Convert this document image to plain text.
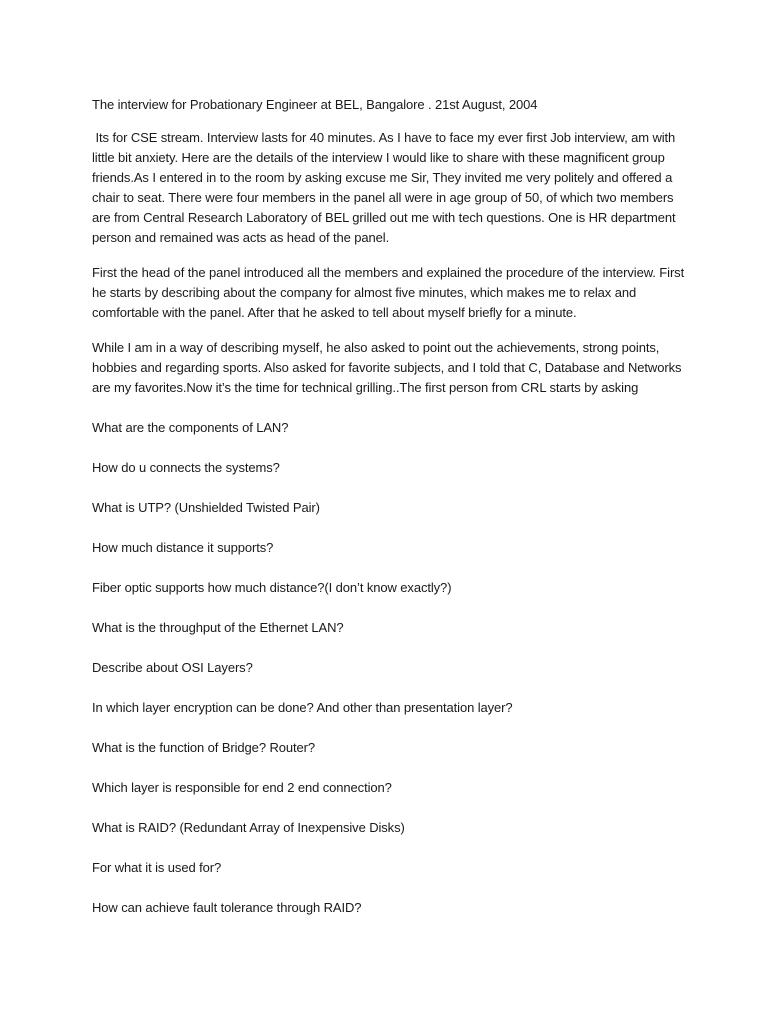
The interview for Probationary Engineer at BEL, Bangalore . 21st August, 2004

Its for CSE stream. Interview lasts for 40 minutes. As I have to face my ever first Job interview, am with little bit anxiety. Here are the details of the interview I would like to share with these magnificent group friends.As I entered in to the room by asking excuse me Sir, They invited me very politely and offered a chair to seat. There were four members in the panel all were in age group of 50, of which two members are from Central Research Laboratory of BEL grilled out me with tech questions. One is HR department person and remained was acts as head of the panel.

First the head of the panel introduced all the members and explained the procedure of the interview. First he starts by describing about the company for almost five minutes, which makes me to relax and comfortable with the panel. After that he asked to tell about myself briefly for a minute.

While I am in a way of describing myself, he also asked to point out the achievements, strong points, hobbies and regarding sports. Also asked for favorite subjects, and I told that C, Database and Networks are my favorites.Now it’s the time for technical grilling..The first person from CRL starts by asking

What are the components of LAN?

How do u connects the systems?

What is UTP? (Unshielded Twisted Pair)

How much distance it supports?

Fiber optic supports how much distance?(I don’t know exactly?)

What is the throughput of the Ethernet LAN?

Describe about OSI Layers?

In which layer encryption can be done? And other than presentation layer?

What is the function of Bridge? Router?

Which layer is responsible for end 2 end connection?

What is RAID? (Redundant Array of Inexpensive Disks)

For what it is used for?

How can achieve fault tolerance through RAID?
